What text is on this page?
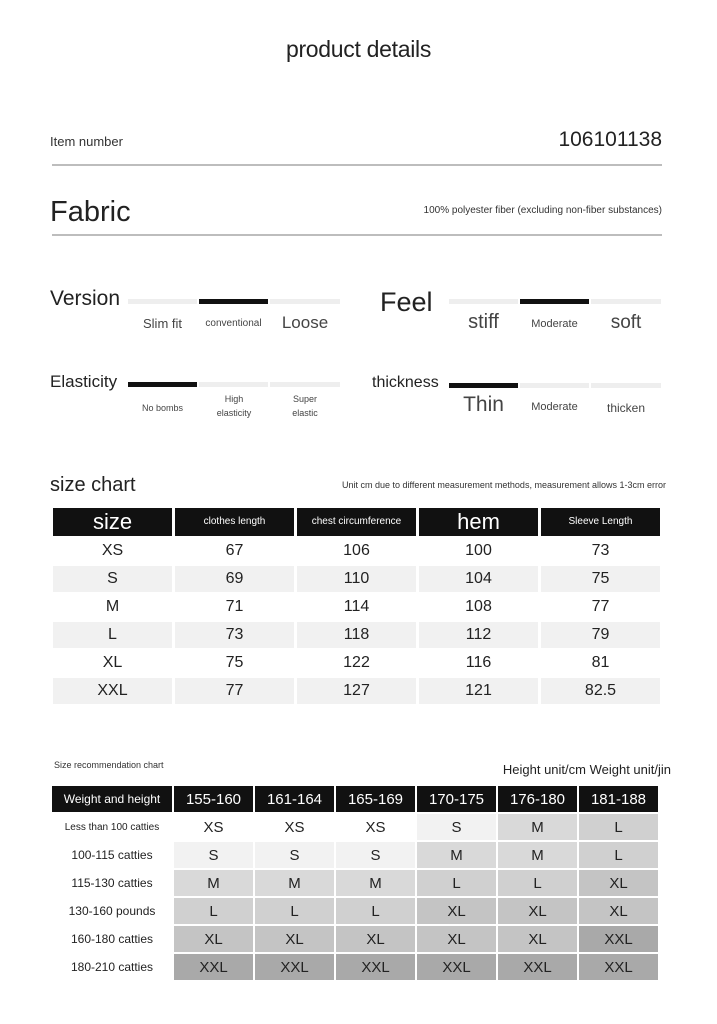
product details
Item number	106101138
Fabric	100% polyester fiber (excluding non-fiber substances)
Version
Slim fit	conventional	Loose
Feel
stiff	Moderate	soft
Elasticity
No bombs
High elasticity
Super elastic
thickness
Thin	Moderate	thicken
size chart	Unit cm due to different measurement methods, measurement allows 1-3cm error
size	clothes length	chest circumference	hem	Sleeve Length
XS	67	106	100	73
S	69	110	104	75
M	71	114	108	77
L	73	118	112	79
XL	75	122	116	81
XXL	77	127	121	82.5
Size recommendation chart	Height unit/cm Weight unit/jin
Weight and height	155-160	161-164	165-169	170-175	176-180	181-188
Less than 100 catties	XS	XS	XS	S	M	L
100-115 catties	S	S	S	M	M	L
115-130 catties	M	M	M	L	L	XL
130-160 pounds	L	L	L	XL	XL	XL
160-180 catties	XL	XL	XL	XL	XL	XXL
180-210 catties	XXL	XXL	XXL	XXL	XXL	XXL
